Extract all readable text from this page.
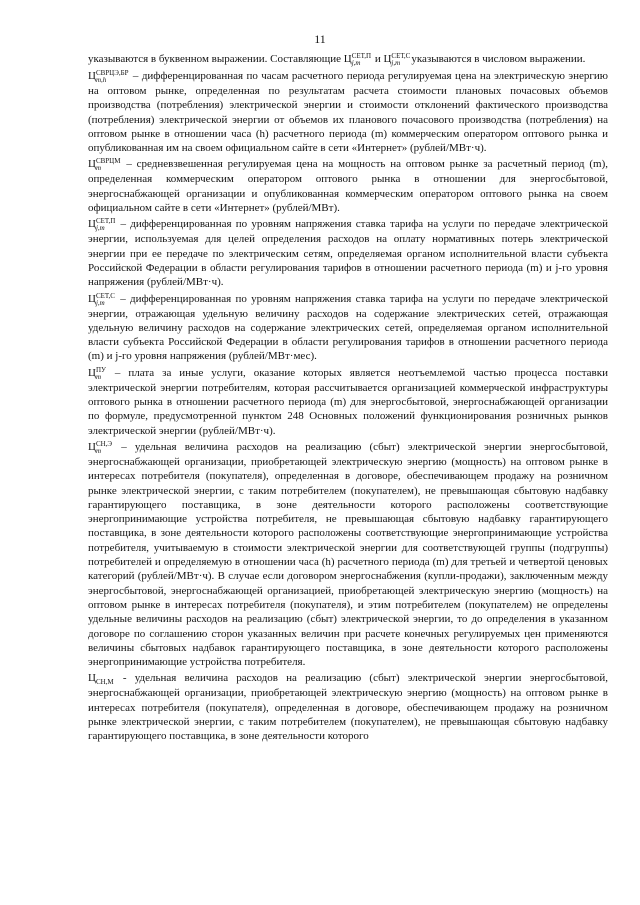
11

указываются в буквенном выражении. Составляющие Ц СЕТ,П
j,m	и Ц СЕТ,С
j,m	указываются в числовом выражении.

Ц СВРЦЭ,БР
m,h	– дифференцированная по часам расчетного периода регулируемая цена на электрическую энергию на оптовом рынке, определенная по результатам расчета стоимости плановых почасовых объемов производства (потребления) электрической энергии и стоимости отклонений фактического производства (потребления) электрической энергии от объемов их планового почасового производства (потребления) на оптовом рынке в отношении часа (h) расчетного периода (m) коммерческим оператором оптового рынка и опубликованная им на своем официальном сайте в сети «Интернет» (рублей/МВт·ч).

Ц СВРЦМ
m	– средневзвешенная регулируемая цена на мощность на оптовом рынке за расчетный период (m), определенная коммерческим оператором оптового рынка в отношении для энергосбытовой, энергоснабжающей организации и опубликованная коммерческим оператором оптового рынка на своем официальном сайте в сети «Интернет» (рублей/МВт).

Ц СЕТ,П
j,m	– дифференцированная по уровням напряжения ставка тарифа на услуги по передаче электрической энергии, используемая для целей определения расходов на оплату нормативных потерь электрической энергии при ее передаче по электрическим сетям, определяемая органом исполнительной власти субъекта Российской Федерации в области регулирования тарифов в отношении расчетного периода (m) и j-го уровня напряжения (рублей/МВт·ч).

Ц СЕТ,С
j,m	– дифференцированная по уровням напряжения ставка тарифа на услуги по передаче электрической энергии, отражающая удельную величину расходов на содержание электрических сетей, отражающая удельную величину расходов на содержание электрических сетей, определяемая органом исполнительной власти субъекта Российской Федерации в области регулирования тарифов в отношении расчетного периода (m) и j-го уровня напряжения (рублей/МВт·мес).

Ц ПУ
m – плата за иные услуги, оказание которых является неотъемлемой частью процесса поставки электрической энергии потребителям, которая рассчитывается организацией коммерческой инфраструктуры оптового рынка в отношении расчетного периода (m) для энергосбытовой, энергоснабжающей организации по формуле, предусмотренной пунктом 248 Основных положений функционирования розничных рынков электрической энергии (рублей/МВт·ч).

Ц СН,Э
m	– удельная величина расходов на реализацию (сбыт) электрической энергии энергосбытовой, энергоснабжающей организации, приобретающей электрическую энергию (мощность) на оптовом рынке в интересах потребителя (покупателя), определенная в договоре, обеспечивающем продажу на розничном рынке электрической энергии, с таким потребителем (покупателем), не превышающая сбытовую надбавку гарантирующего поставщика, в зоне деятельности которого расположены соответствующие энергопринимающие устройства потребителя, не превышающая сбытовую надбавку гарантирующего поставщика, в зоне деятельности которого расположены соответствующие энергопринимающие устройства потребителя, учитываемую в стоимости электрической энергии для соответствующей группы (подгруппы) потребителей и определяемую в отношении часа (h) расчетного периода (m) для третьей и четвертой ценовых категорий (рублей/МВт·ч). В случае если договором энергоснабжения (купли-продажи), заключенным между энергосбытовой, энергоснабжающей организацией, приобретающей электрическую энергию (мощность) на оптовом рынке в интересах потребителя (покупателя), и этим потребителем (покупателем) не определены удельные величины расходов на реализацию (сбыт) электрической энергии, то до определения в указанном договоре по соглашению сторон указанных величин при расчете конечных регулируемых цен применяются величины сбытовых надбавок гарантирующего поставщика, в зоне деятельности которого расположены энергопринимающие устройства потребителя.

Ц СН,М - удельная величина расходов на реализацию (сбыт) электрической энергии энергосбытовой, энергоснабжающей организации, приобретающей электрическую энергию (мощность) на оптовом рынке в интересах потребителя (покупателя), определенная в договоре, обеспечивающем продажу на розничном рынке электрической энергии, с таким потребителем (покупателем), не превышающая сбытовую надбавку гарантирующего поставщика, в зоне деятельности которого
